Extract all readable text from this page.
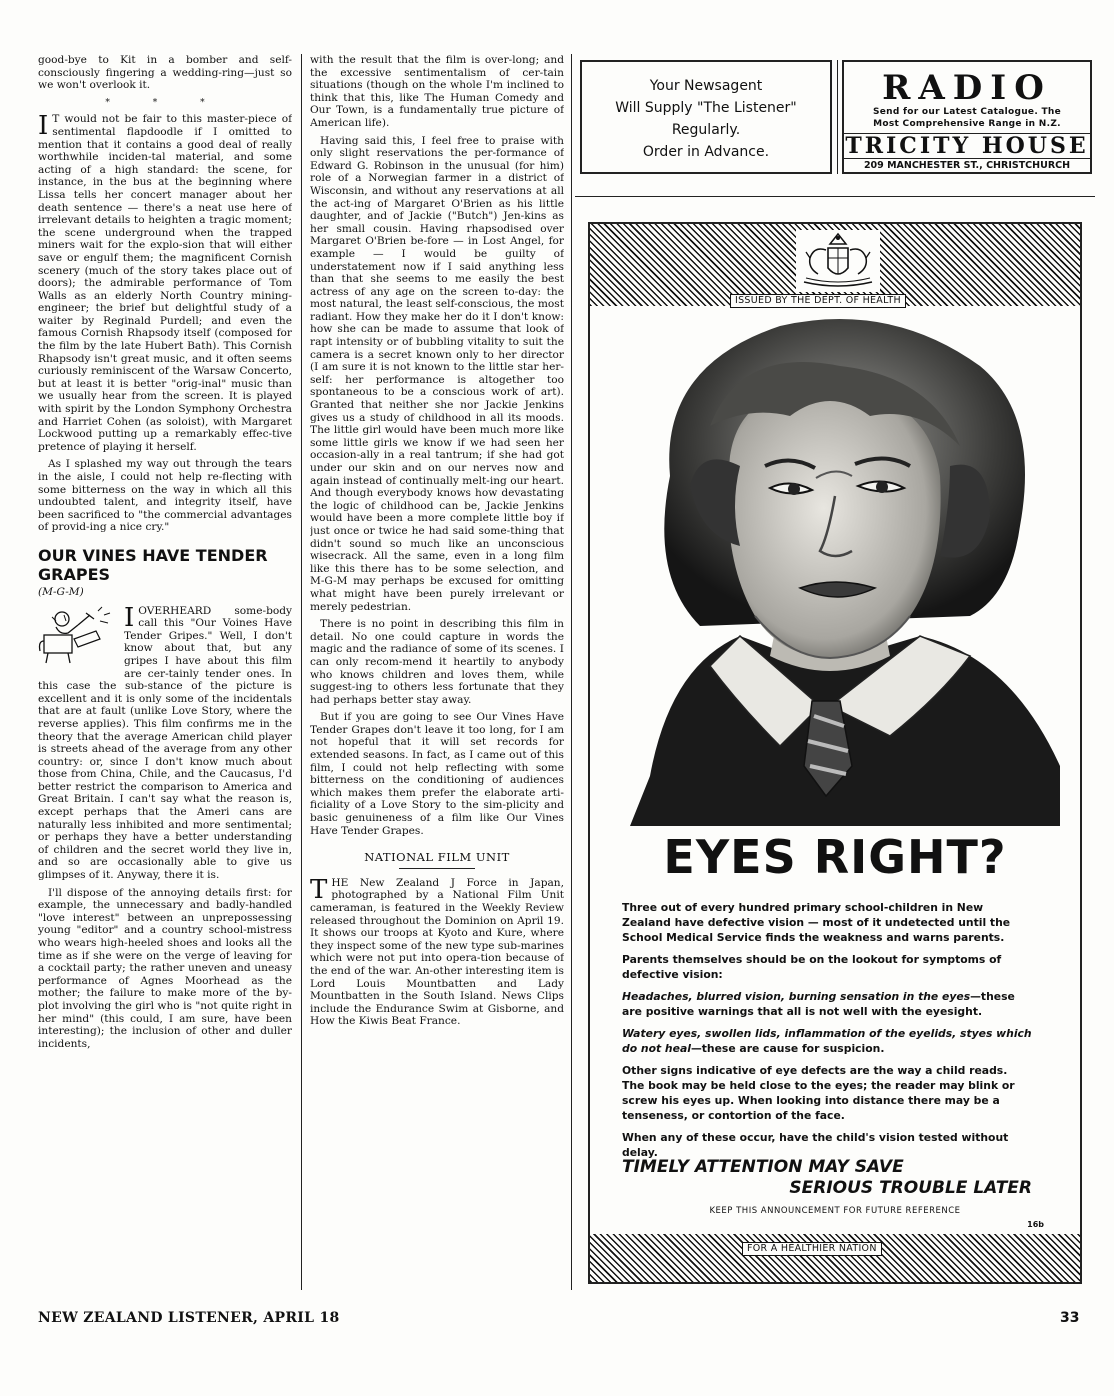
good-bye to Kit in a bomber and self-consciously fingering a wedding-ring—just so we won't overlook it.

* * *

I T would not be fair to this master-piece of sentimental flapdoodle if I omitted to mention that it contains a good deal of really worthwhile inciden-tal material, and some acting of a high standard: the scene, for instance, in the bus at the beginning where Lissa tells her concert manager about her death sentence — there's a neat use here of irrelevant details to heighten a tragic moment; the scene underground when the trapped miners wait for the explo-sion that will either save or engulf them; the magnificent Cornish scenery (much of the story takes place out of doors); the admirable performance of Tom Walls as an elderly North Country mining-engineer; the brief but delightful study of a waiter by Reginald Purdell; and even the famous Cornish Rhapsody itself (composed for the film by the late Hubert Bath). This Cornish Rhapsody isn't great music, and it often seems curiously reminiscent of the Warsaw Concerto, but at least it is better "orig-inal" music than we usually hear from the screen. It is played with spirit by the London Symphony Orchestra and Harriet Cohen (as soloist), with Margaret Lockwood putting up a remarkably effec-tive pretence of playing it herself.

As I splashed my way out through the tears in the aisle, I could not help re-flecting with some bitterness on the way in which all this undoubted talent, and integrity itself, have been sacrificed to "the commercial advantages of provid-ing a nice cry."

OUR VINES HAVE TENDER GRAPES
(M-G-M)

IOVERHEARD some-body call this "Our Voines Have Tender Gripes." Well, I don't know about that, but any gripes I have about this film are cer-tainly tender ones. In this case the sub-stance of the picture is excellent and it is only some of the incidentals that are at fault (unlike Love Story, where the reverse applies). This film confirms me in the theory that the average American child player is streets ahead of the average from any other country: or, since I don't know much about those from China, Chile, and the Caucasus, I'd better restrict the comparison to America and Great Britain. I can't say what the reason is, except perhaps that the Ameri cans are naturally less inhibited and more sentimental; or perhaps they have a better understanding of children and the secret world they live in, and so are occasionally able to give us glimpses of it. Anyway, there it is.

I'll dispose of the annoying details first: for example, the unnecessary and badly-handled "love interest" between an unprepossessing young "editor" and a country school-mistress who wears high-heeled shoes and looks all the time as if she were on the verge of leaving for a cocktail party; the rather uneven and uneasy performance of Agnes Moorhead as the mother; the failure to make more of the by-plot involving the girl who is "not quite right in her mind" (this could, I am sure, have been interesting); the inclusion of other and duller incidents,

with the result that the film is over-long; and the excessive sentimentalism of cer-tain situations (though on the whole I'm inclined to think that this, like The Human Comedy and Our Town, is a fundamentally true picture of American life).

Having said this, I feel free to praise with only slight reservations the per-formance of Edward G. Robinson in the unusual (for him) role of a Norwegian farmer in a district of Wisconsin, and without any reservations at all the act-ing of Margaret O'Brien as his little daughter, and of Jackie ("Butch") Jen-kins as her small cousin. Having rhapsodised over Margaret O'Brien be-fore — in Lost Angel, for example — I would be guilty of understatement now if I said anything less than that she seems to me easily the best actress of any age on the screen to-day: the most natural, the least self-conscious, the most radiant. How they make her do it I don't know: how she can be made to assume that look of rapt intensity or of bubbling vitality to suit the camera is a secret known only to her director (I am sure it is not known to the little star her-self: her performance is altogether too spontaneous to be a conscious work of art). Granted that neither she nor Jackie Jenkins gives us a study of childhood in all its moods. The little girl would have been much more like some little girls we know if we had seen her occasion-ally in a real tantrum; if she had got under our skin and on our nerves now and again instead of continually melt-ing our heart. And though everybody knows how devastating the logic of childhood can be, Jackie Jenkins would have been a more complete little boy if just once or twice he had said some-thing that didn't sound so much like an unconscious wisecrack. All the same, even in a long film like this there has to be some selection, and M-G-M may perhaps be excused for omitting what might have been purely irrelevant or merely pedestrian.

There is no point in describing this film in detail. No one could capture in words the magic and the radiance of some of its scenes. I can only recom-mend it heartily to anybody who knows children and loves them, while suggest-ing to others less fortunate that they had perhaps better stay away.

But if you are going to see Our Vines Have Tender Grapes don't leave it too long, for I am not hopeful that it will set records for extended seasons. In fact, as I came out of this film, I could not help reflecting with some bitterness on the conditioning of audiences which makes them prefer the elaborate arti-ficiality of a Love Story to the sim-plicity and basic genuineness of a film like Our Vines Have Tender Grapes.

NATIONAL FILM UNIT

THE New Zealand J Force in Japan, photographed by a National Film Unit cameraman, is featured in the Weekly Review released throughout the Dominion on April 19. It shows our troops at Kyoto and Kure, where they inspect some of the new type sub-marines which were not put into opera-tion because of the end of the war. An-other interesting item is Lord Louis Mountbatten and Lady Mountbatten in the South Island. News Clips include the Endurance Swim at Gisborne, and How the Kiwis Beat France.

Your Newsagent
Will Supply "The Listener"
Regularly.
Order in Advance.
RADIO
Send for our Latest Catalogue. The
Most Comprehensive Range in N.Z.
TRICITY HOUSE
209 MANCHESTER ST., CHRISTCHURCH
ISSUED BY THE DEPT. OF HEALTH
EYES RIGHT?

Three out of every hundred primary school-children in New Zealand have defective vision — most of it undetected until the School Medical Service finds the weakness and warns parents.

Parents themselves should be on the lookout for symptoms of defective vision:

Headaches, blurred vision, burning sensation in the eyes—these are positive warnings that all is not well with the eyesight.

Watery eyes, swollen lids, inflammation of the eyelids, styes which do not heal—these are cause for suspicion.

Other signs indicative of eye defects are the way a child reads. The book may be held close to the eyes; the reader may blink or screw his eyes up. When looking into distance there may be a tenseness, or contortion of the face.

When any of these occur, have the child's vision tested without delay.

TIMELY ATTENTION MAY SAVE
SERIOUS TROUBLE LATER
KEEP THIS ANNOUNCEMENT FOR FUTURE REFERENCE
16b
FOR A HEALTHIER NATION
NEW ZEALAND LISTENER, APRIL 18	33
